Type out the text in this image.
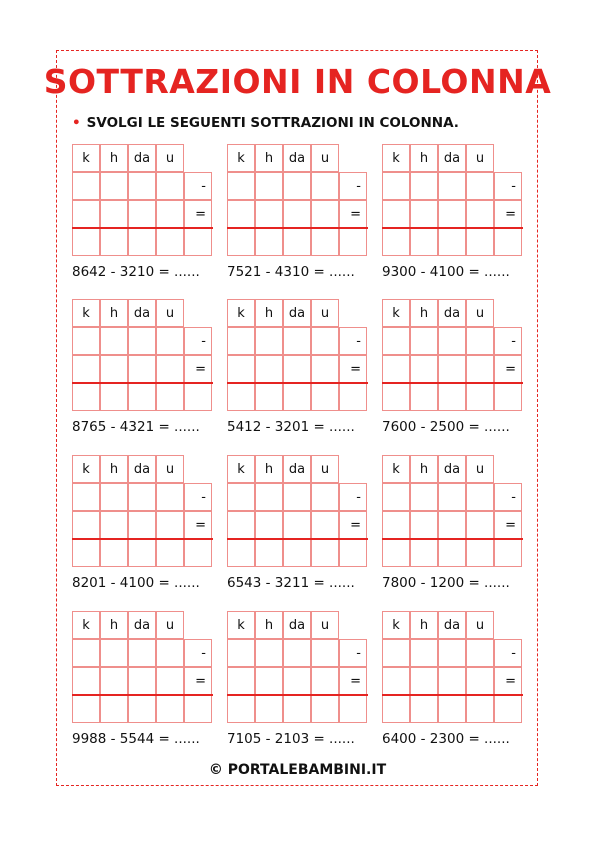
SOTTRAZIONI IN COLONNA
• SVOLGI LE SEGUENTI SOTTRAZIONI IN COLONNA.
k	h	da	u
-
=
8642 - 3210 = ......
k	h	da	u
-
=
7521 - 4310 = ......
k	h	da	u
-
=
9300 - 4100 = ......
k	h	da	u
-
=
8765 - 4321 = ......
k	h	da	u
-
=
5412 - 3201 = ......
k	h	da	u
-
=
7600 - 2500 = ......
k	h	da	u
-
=
8201 - 4100 = ......
k	h	da	u
-
=
6543 - 3211 = ......
k	h	da	u
-
=
7800 - 1200 = ......
k	h	da	u
-
=
9988 - 5544 = ......
k	h	da	u
-
=
7105 - 2103 = ......
k	h	da	u
-
=
6400 - 2300 = ......
© PORTALEBAMBINI.IT
